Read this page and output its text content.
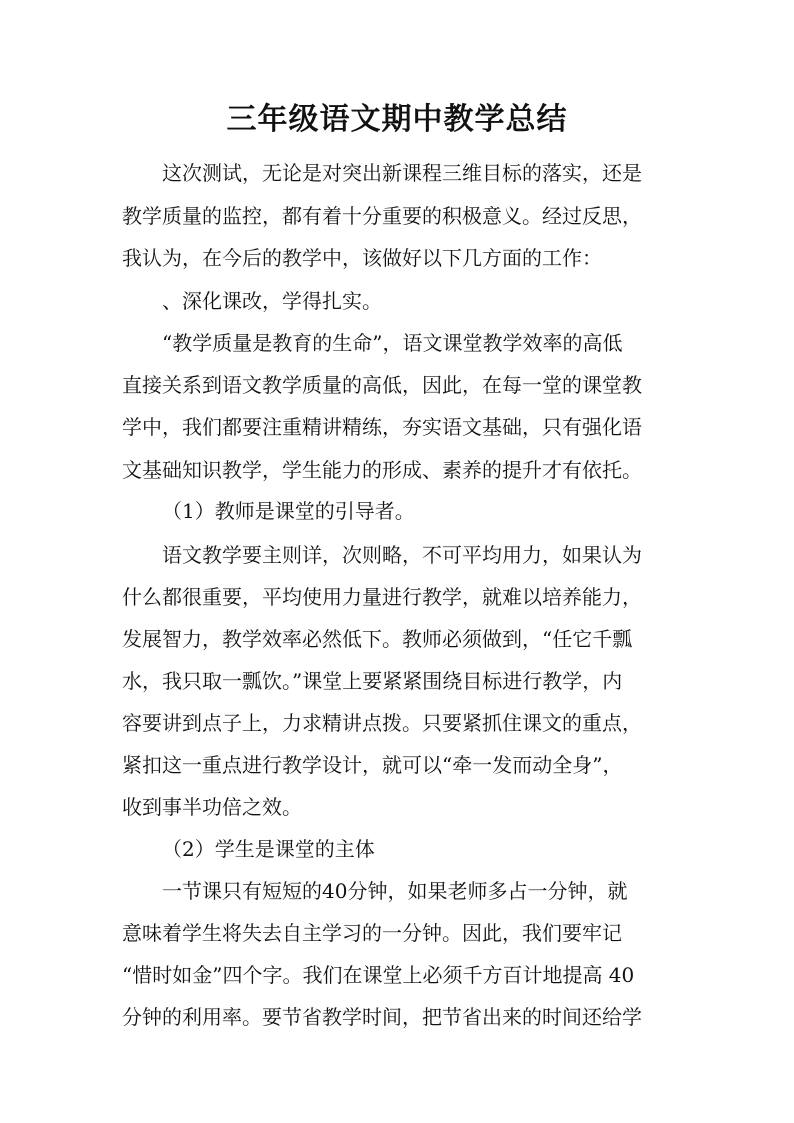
三年级语文期中教学总结

这次测试，无论是对突出新课程三维目标的落实，还是

教学质量的监控，都有着十分重要的积极意义。经过反思，

我认为，在今后的教学中，该做好以下几方面的工作：

、深化课改，学得扎实。

“教学质量是教育的生命”，语文课堂教学效率的高低

直接关系到语文教学质量的高低，因此，在每一堂的课堂教

学中，我们都要注重精讲精练，夯实语文基础，只有强化语

文基础知识教学，学生能力的形成、素养的提升才有依托。

（1）教师是课堂的引导者。

语文教学要主则详，次则略，不可平均用力，如果认为

什么都很重要，平均使用力量进行教学，就难以培养能力，

发展智力，教学效率必然低下。教师必须做到，“任它千瓢

水，我只取一瓢饮。”课堂上要紧紧围绕目标进行教学，内

容要讲到点子上，力求精讲点拨。只要紧抓住课文的重点，

紧扣这一重点进行教学设计，就可以“牵一发而动全身”，

收到事半功倍之效。

（2）学生是课堂的主体

一节课只有短短的40分钟，如果老师多占一分钟，就

意味着学生将失去自主学习的一分钟。因此，我们要牢记

“惜时如金”四个字。我们在课堂上必须千方百计地提高 40

分钟的利用率。要节省教学时间，把节省出来的时间还给学
